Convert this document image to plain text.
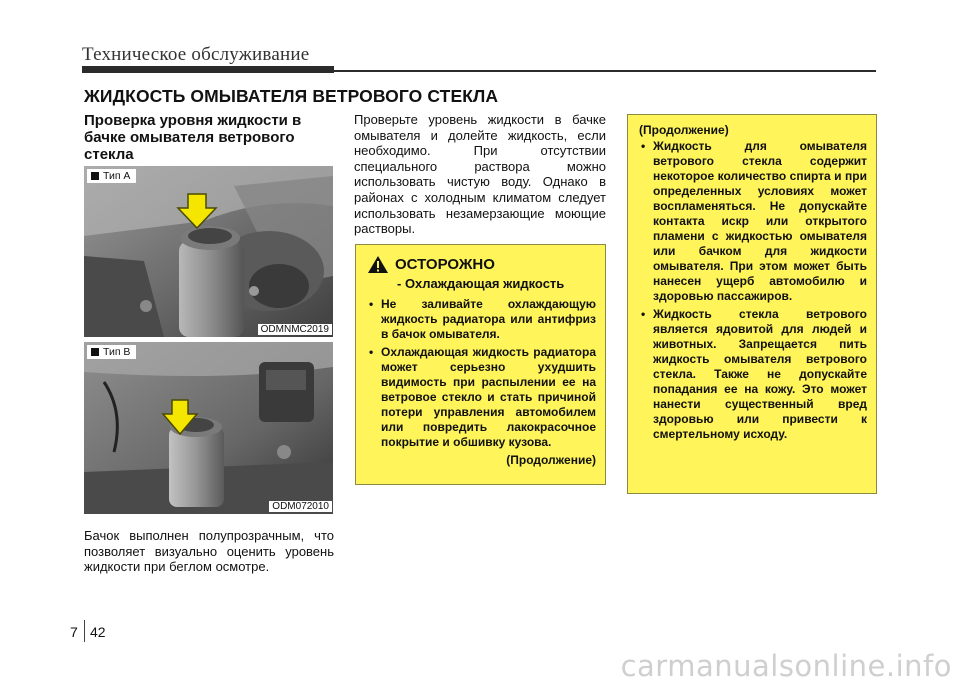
Техническое обслуживание
ЖИДКОСТЬ ОМЫВАТЕЛЯ ВЕТРОВОГО СТЕКЛА
Проверка уровня жидкости в бачке омывателя ветрового стекла
Тип A
ODMNMC2019
Тип B
ODM072010
Бачок выполнен полупрозрачным, что позволяет визуально оценить уровень жидкости при беглом осмотре.
Проверьте уровень жидкости в бачке омывателя и долейте жидкость, если необходимо. При отсутствии специального раствора можно использовать чистую воду. Однако в районах с холодным климатом следует использовать незамерзающие моющие растворы.
ОСТОРОЖНО
- Охлаждающая жидкость
• Не заливайте охлаждающую жидкость радиатора или антифриз в бачок омывателя.
• Охлаждающая жидкость радиатора может серьезно ухудшить видимость при распылении ее на ветровое стекло и стать причиной потери управления автомобилем или повредить лакокрасочное покрытие и обшивку кузова.
(Продолжение)
(Продолжение)
• Жидкость для омывателя ветрового стекла содержит некоторое количество спирта и при определенных условиях может воспламеняться. Не допускайте контакта искр или открытого пламени с жидкостью омывателя или бачком для жидкости омывателя. При этом может быть нанесен ущерб автомобилю и здоровью пассажиров.
• Жидкость стекла ветрового является ядовитой для людей и животных. Запрещается пить жидкость омывателя ветрового стекла. Также не допускайте попадания ее на кожу. Это может нанести существенный вред здоровью или привести к смертельному исходу.
7 42
carmanualsonline.info
